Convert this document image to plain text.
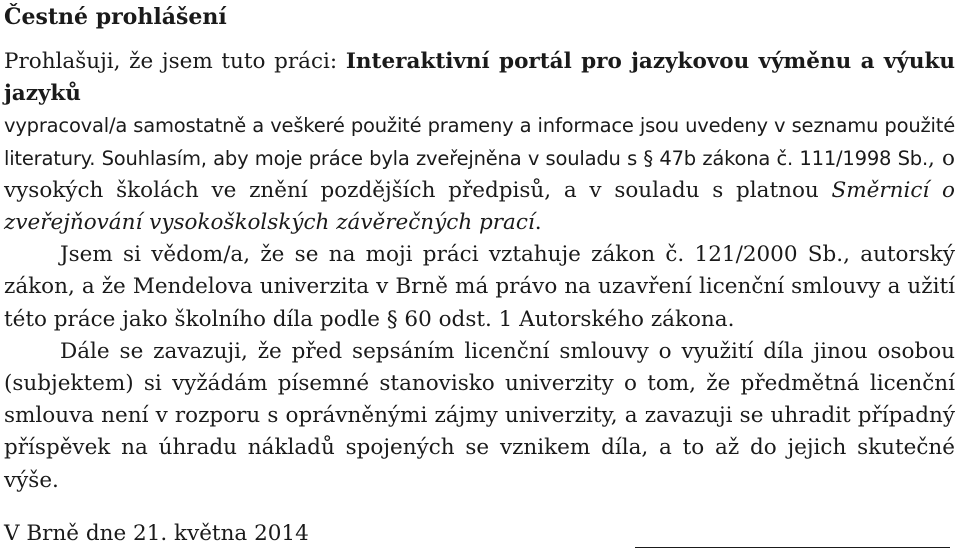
Čestné prohlášení

Prohlašuji, že jsem tuto práci: Interaktivní portál pro jazykovou výměnu a výuku jazyků

vypracoval/a samostatně a veškeré použité prameny a informace jsou uvedeny v seznamu použité literatury. Souhlasím, aby moje práce byla zveřejněna v souladu s § 47b zákona č. 111/1998 Sb., o vysokých školách ve znění pozdějších předpisů, a v souladu s platnou Směrnicí o zveřejňování vysokoškolských závěrečných prací.

Jsem si vědom/a, že se na moji práci vztahuje zákon č. 121/2000 Sb., autorský zákon, a že Mendelova univerzita v Brně má právo na uzavření licenční smlouvy a užití této práce jako školního díla podle § 60 odst. 1 Autorského zákona.

Dále se zavazuji, že před sepsáním licenční smlouvy o využití díla jinou osobou (subjektem) si vyžádám písemné stanovisko univerzity o tom, že předmětná licenční smlouva není v rozporu s oprávněnými zájmy univerzity, a zavazuji se uhradit případný příspěvek na úhradu nákladů spojených se vznikem díla, a to až do jejich skutečné výše.

V Brně dne 21. května 2014
